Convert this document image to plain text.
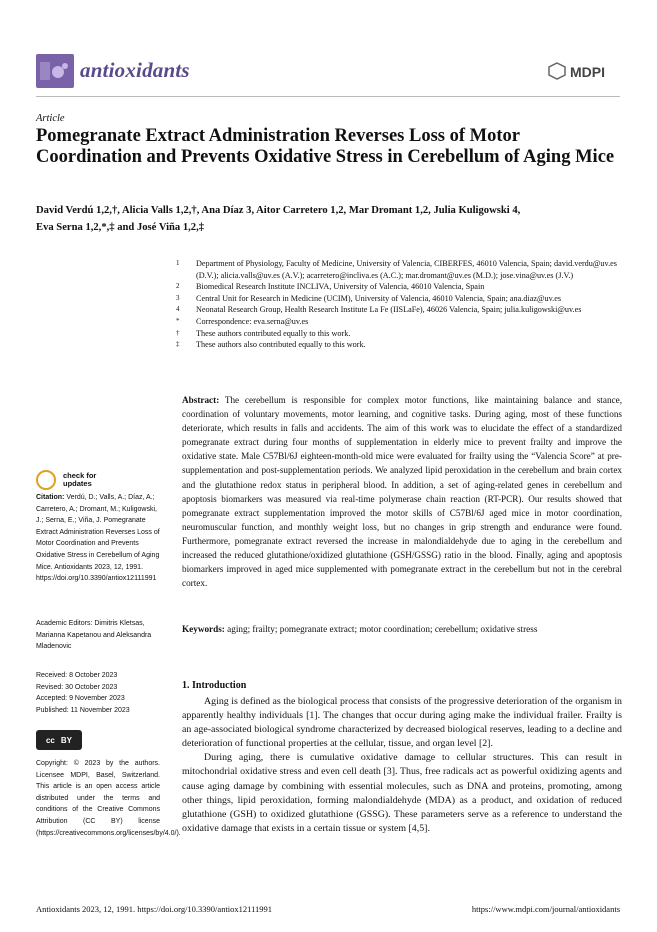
antioxidants	MDPI
Article
Pomegranate Extract Administration Reverses Loss of Motor Coordination and Prevents Oxidative Stress in Cerebellum of Aging Mice
David Verdú 1,2,†, Alicia Valls 1,2,†, Ana Díaz 3, Aitor Carretero 1,2, Mar Dromant 1,2, Julia Kuligowski 4,
Eva Serna 1,2,*,‡ and José Viña 1,2,‡
1	Department of Physiology, Faculty of Medicine, University of Valencia, CIBERFES, 46010 Valencia, Spain; david.verdu@uv.es (D.V.); alicia.valls@uv.es (A.V.); acarretero@incliva.es (A.C.); mar.dromant@uv.es (M.D.); jose.vina@uv.es (J.V.)
2	Biomedical Research Institute INCLIVA, University of Valencia, 46010 Valencia, Spain
3	Central Unit for Research in Medicine (UCIM), University of Valencia, 46010 Valencia, Spain; ana.diaz@uv.es
4	Neonatal Research Group, Health Research Institute La Fe (IISLaFe), 46026 Valencia, Spain; julia.kuligowski@uv.es
*	Correspondence: eva.serna@uv.es
†	These authors contributed equally to this work.
‡	These authors also contributed equally to this work.
Abstract: The cerebellum is responsible for complex motor functions, like maintaining balance and stance, coordination of voluntary movements, motor learning, and cognitive tasks. During aging, most of these functions deteriorate, which results in falls and accidents. The aim of this work was to elucidate the effect of a standardized pomegranate extract during four months of supplementation in elderly mice to prevent frailty and improve the oxidative state. Male C57Bl/6J eighteen-month-old mice were evaluated for frailty using the “Valencia Score” at pre-supplementation and post-supplementation periods. We analyzed lipid peroxidation in the cerebellum and brain cortex and the glutathione redox status in peripheral blood. In addition, a set of aging-related genes in cerebellum and apoptosis biomarkers was measured via real-time polymerase chain reaction (RT-PCR). Our results showed that pomegranate extract supplementation improved the motor skills of C57Bl/6J aged mice in motor coordination, neuromuscular function, and monthly weight loss, but no changes in grip strength and endurance were found. Furthermore, pomegranate extract reversed the increase in malondialdehyde due to aging in the cerebellum and increased the reduced glutathione/oxidized glutathione (GSH/GSSG) ratio in the blood. Finally, aging and apoptosis biomarkers improved in aged mice supplemented with pomegranate extract in the cerebellum but not in the cerebral cortex.
Keywords: aging; frailty; pomegranate extract; motor coordination; cerebellum; oxidative stress
check for
updates
Citation: Verdú, D.; Valls, A.; Díaz, A.; Carretero, A.; Dromant, M.; Kuligowski, J.; Serna, E.; Viña, J. Pomegranate Extract Administration Reverses Loss of Motor Coordination and Prevents Oxidative Stress in Cerebellum of Aging Mice. Antioxidants 2023, 12, 1991. https://doi.org/10.3390/antiox12111991
Academic Editors: Dimitris Kletsas, Marianna Kapetanou and Aleksandra Mladenovic
Received: 8 October 2023
Revised: 30 October 2023
Accepted: 9 November 2023
Published: 11 November 2023
cc BY
Copyright: © 2023 by the authors. Licensee MDPI, Basel, Switzerland. This article is an open access article distributed under the terms and conditions of the Creative Commons Attribution (CC BY) license (https://creativecommons.org/licenses/by/4.0/).
1. Introduction

Aging is defined as the biological process that consists of the progressive deterioration of the organism in apparently healthy individuals [1]. The changes that occur during aging make the individual frailer. Frailty is an age-associated biological syndrome characterized by decreased biological reserves, leading to a decline and deterioration of functional properties at the cellular, tissue, and organ level [2].

During aging, there is cumulative oxidative damage to cellular structures. This can result in mitochondrial oxidative stress and even cell death [3]. Thus, free radicals act as powerful oxidizing agents and cause aging damage by combining with essential molecules, such as DNA and proteins, promoting, among other things, lipid peroxidation, forming malondialdehyde (MDA) as a product, and oxidation of reduced glutathione (GSH) to oxidized glutathione (GSSG). These parameters serve as a reference to understand the oxidative damage that exists in a certain tissue or system [4,5].

Antioxidants 2023, 12, 1991. https://doi.org/10.3390/antiox12111991	https://www.mdpi.com/journal/antioxidants
